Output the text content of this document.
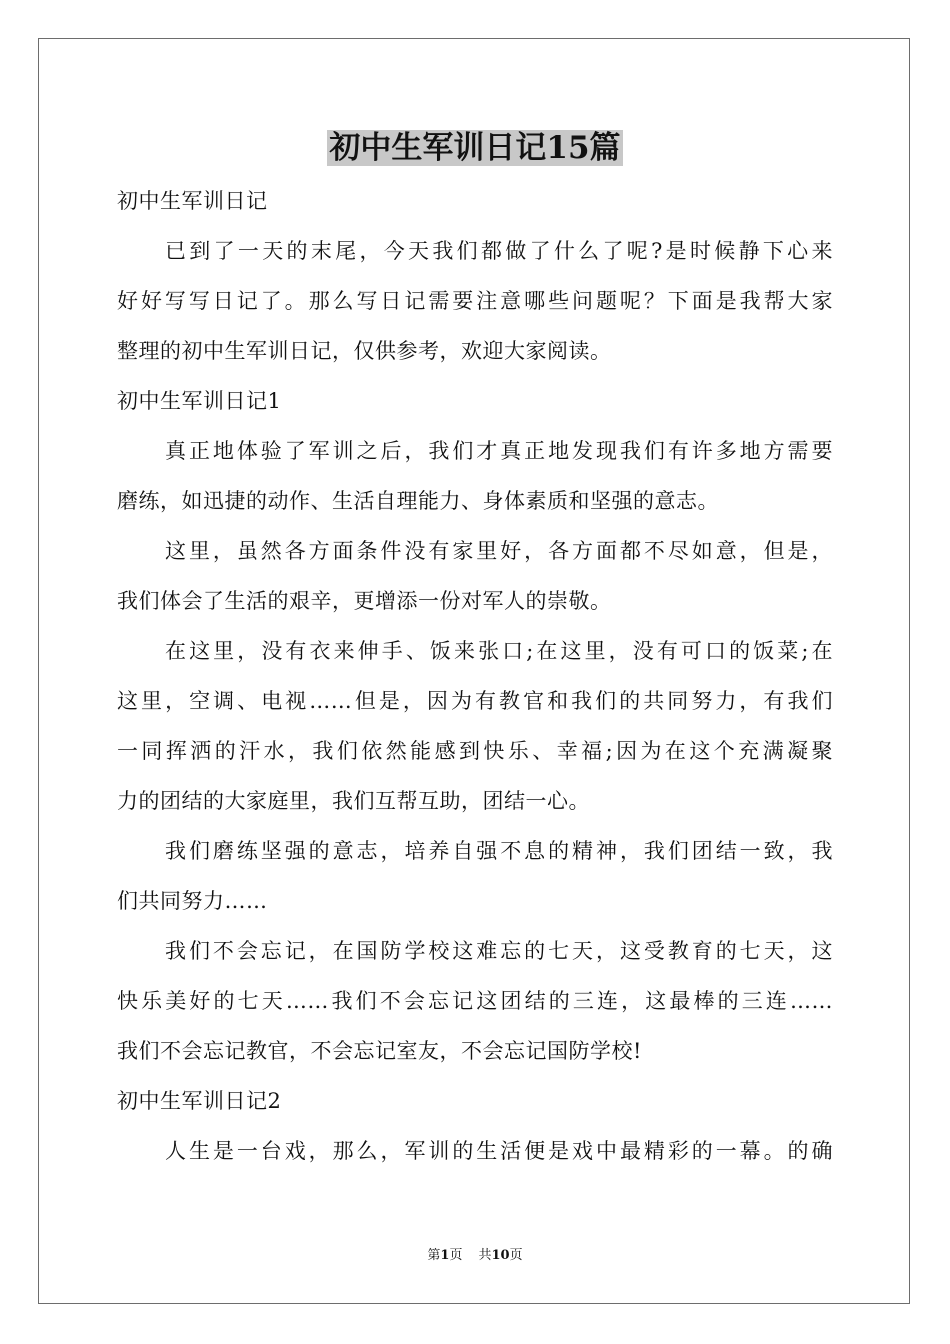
初中生军训日记15篇
初中生军训日记
已到了一天的末尾，今天我们都做了什么了呢?是时候静下心来
好好写写日记了。那么写日记需要注意哪些问题呢？下面是我帮大家
整理的初中生军训日记，仅供参考，欢迎大家阅读。
初中生军训日记1
真正地体验了军训之后，我们才真正地发现我们有许多地方需要
磨练，如迅捷的动作、生活自理能力、身体素质和坚强的意志。
这里，虽然各方面条件没有家里好，各方面都不尽如意，但是，
我们体会了生活的艰辛，更增添一份对军人的崇敬。
在这里，没有衣来伸手、饭来张口;在这里，没有可口的饭菜;在
这里，空调、电视……但是，因为有教官和我们的共同努力，有我们
一同挥洒的汗水，我们依然能感到快乐、幸福;因为在这个充满凝聚
力的团结的大家庭里，我们互帮互助，团结一心。
我们磨练坚强的意志，培养自强不息的精神，我们团结一致，我
们共同努力……
我们不会忘记，在国防学校这难忘的七天，这受教育的七天，这
快乐美好的七天……我们不会忘记这团结的三连，这最棒的三连……
我们不会忘记教官，不会忘记室友，不会忘记国防学校!
初中生军训日记2
人生是一台戏，那么，军训的生活便是戏中最精彩的一幕。的确
第1页 共10页
